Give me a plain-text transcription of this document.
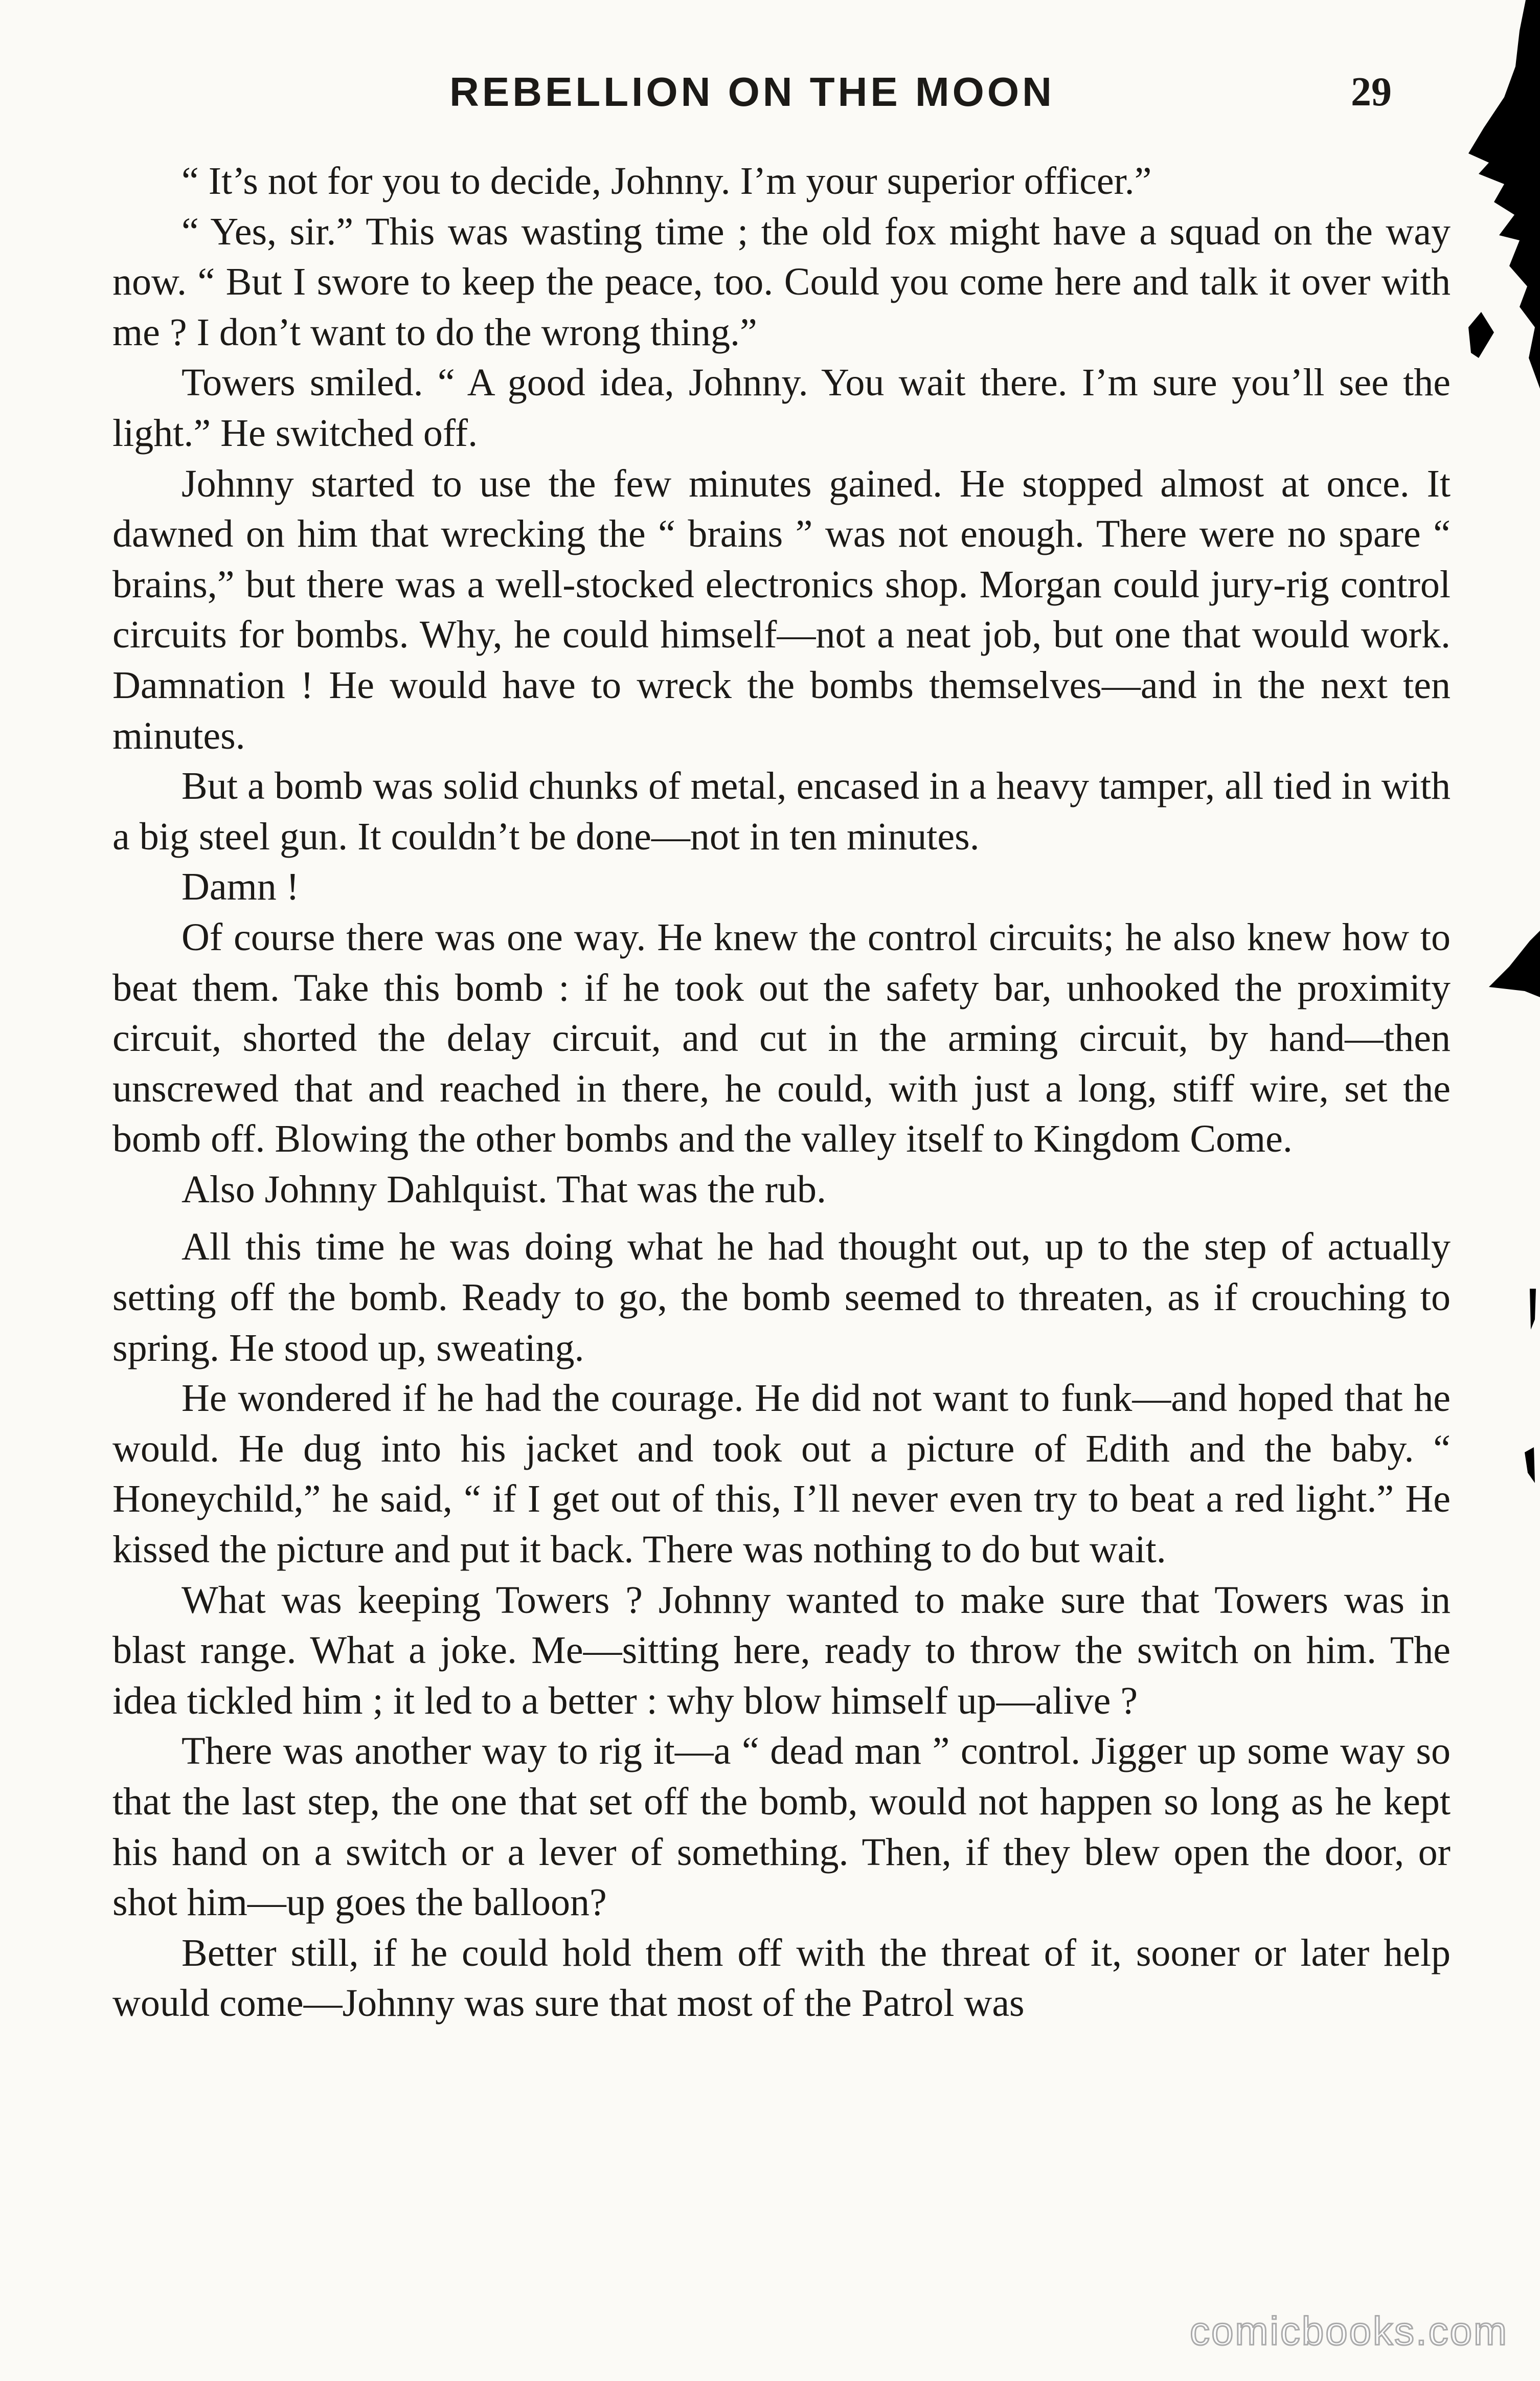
REBELLION ON THE MOON	29

“ It’s not for you to decide, Johnny. I’m your superior officer.”

“ Yes, sir.” This was wasting time ; the old fox might have a squad on the way now. “ But I swore to keep the peace, too. Could you come here and talk it over with me ? I don’t want to do the wrong thing.”

Towers smiled. “ A good idea, Johnny. You wait there. I’m sure you’ll see the light.” He switched off.

Johnny started to use the few minutes gained. He stopped almost at once. It dawned on him that wrecking the “ brains ” was not enough. There were no spare “ brains,” but there was a well-stocked electronics shop. Morgan could jury-rig control circuits for bombs. Why, he could himself—not a neat job, but one that would work. Damnation ! He would have to wreck the bombs themselves—and in the next ten minutes.

But a bomb was solid chunks of metal, encased in a heavy tamper, all tied in with a big steel gun. It couldn’t be done—not in ten minutes.

Damn !

Of course there was one way. He knew the control circuits; he also knew how to beat them. Take this bomb : if he took out the safety bar, unhooked the proximity circuit, shorted the delay circuit, and cut in the arming circuit, by hand—then unscrewed that and reached in there, he could, with just a long, stiff wire, set the bomb off. Blowing the other bombs and the valley itself to Kingdom Come.

Also Johnny Dahlquist. That was the rub.

All this time he was doing what he had thought out, up to the step of actually setting off the bomb. Ready to go, the bomb seemed to threaten, as if crouching to spring. He stood up, sweating.

He wondered if he had the courage. He did not want to funk—and hoped that he would. He dug into his jacket and took out a picture of Edith and the baby. “ Honeychild,” he said, “ if I get out of this, I’ll never even try to beat a red light.” He kissed the picture and put it back. There was nothing to do but wait.

What was keeping Towers ? Johnny wanted to make sure that Towers was in blast range. What a joke. Me—sitting here, ready to throw the switch on him. The idea tickled him ; it led to a better : why blow himself up—alive ?

There was another way to rig it—a “ dead man ” control. Jigger up some way so that the last step, the one that set off the bomb, would not happen so long as he kept his hand on a switch or a lever of something. Then, if they blew open the door, or shot him—up goes the balloon?

Better still, if he could hold them off with the threat of it, sooner or later help would come—Johnny was sure that most of the Patrol was

comicbooks.com
